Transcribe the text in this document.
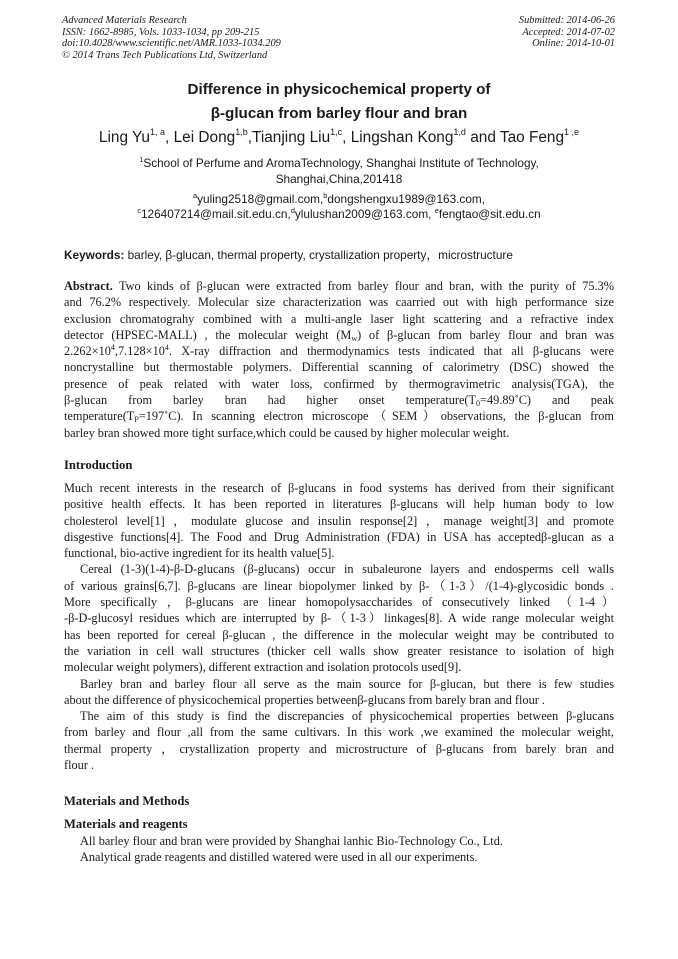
Advanced Materials Research
ISSN: 1662-8985, Vols. 1033-1034, pp 209-215
doi:10.4028/www.scientific.net/AMR.1033-1034.209
© 2014 Trans Tech Publications Ltd, Switzerland
Submitted: 2014-06-26
Accepted: 2014-07-02
Online: 2014-10-01
Difference in physicochemical property of
β-glucan from barley flour and bran
Ling Yu$^{1, a}$, Lei Dong$^{1,b}$,Tianjing Liu$^{1,c}$, Lingshan Kong$^{1,d}$ and Tao Feng$^{1 ,e}$
$^1$School of Perfume and AromaTechnology, Shanghai Institute of Technology,
Shanghai,China,201418
$^a$yuling2518@gmail.com,$^b$dongshengxu1989@163.com,
$^c$126407214@mail.sit.edu.cn,$^d$ylulushan2009@163.com, $^e$fengtao@sit.edu.cn
Keywords: barley, β-glucan, thermal property, crystallization property，microstructure
Abstract. Two kinds of β-glucan were extracted from barley flour and bran, with the purity of 75.3%
and 76.2% respectively. Molecular size characterization was caarried out with high performance size
exclusion chromatograhy combined with a multi-angle laser light scattering and a refractive index
detector (HPSEC-MALL) , the molecular weight $(M_w)$ of β-glucan from barley flour and bran was
$2.262\times 10^4,7.128\times 10^4$. X-ray diffraction and thermodynamics tests indicated that all β-glucans were
noncrystalline but thermostable polymers. Differential scanning of calorimetry (DSC) showed the
presence of peak related with water loss, confirmed by thermogravimetric analysis(TGA), the
β-glucan from barley bran had higher onset $temperature(T_0=49.89˚C)$ and peak
$temperature(T_P=197˚C)$. In scanning electron microscope（SEM）observations, the β-glucan from
barley bran showed more tight surface,which could be caused by higher molecular weight.
Introduction
Much recent interests in the research of β-glucans in food systems has derived from their significant
positive health effects. It has been reported in literatures β-glucans will help human body to low
cholesterol level[1] ，modulate glucose and insulin response[2] ，manage weight[3] and promote
disgestive functions[4]. The Food and Drug Administration (FDA) in USA has acceptedβ-glucan as a
functional, bio-active ingredient for its health value[5].
Cereal (1-3)(1-4)-β-D-glucans (β-glucans) occur in subaleurone layers and endosperms cell walls
of various grains[6,7]. β-glucans are linear biopolymer linked by β-（1-3）/(1-4)-glycosidic bonds .
More specifically ，β-glucans are linear homopolysaccharides of consecutively linked （1-4）
-β-D-glucosyl residues which are interrupted by β-（1-3）linkages[8]. A wide range molecular weight
has been reported for cereal β-glucan , the difference in the molecular weight may be contributed to
the variation in cell wall structures (thicker cell walls show greater resistance to isolation of high
molecular weight polymers), different extraction and isolation protocols used[9].
Barley bran and barley flour all serve as the main source for β-glucan, but there is few studies
about the difference of physicochemical properties betweenβ-glucans from barely bran and flour .
The aim of this study is find the discrepancies of physicochemical properties between β-glucans
from barley and flour ,all from the same cultivars. In this work ,we examined the molecular weight,
thermal property ，crystallization property and microstructure of β-glucans from barely bran and
flour .
Materials and Methods
Materials and reagents
All barley flour and bran were provided by Shanghai lanhic Bio-Technology Co., Ltd.
Analytical grade reagents and distilled watered were used in all our experiments.
